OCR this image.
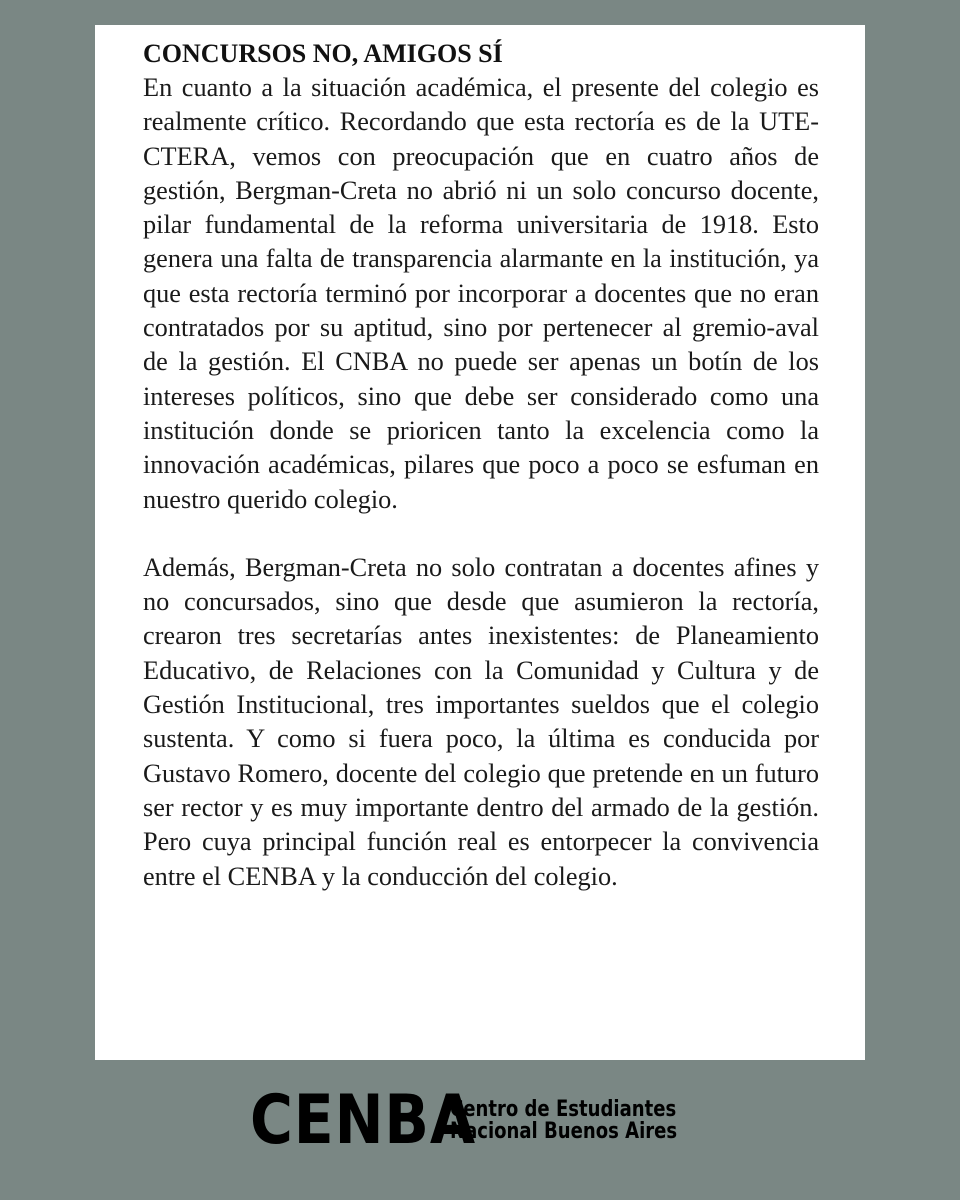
CONCURSOS NO, AMIGOS SÍ

En cuanto a la situación académica, el presente del colegio es realmente crítico. Recordando que esta rectoría es de la UTE-CTERA, vemos con preocupación que en cuatro años de gestión, Bergman-Creta no abrió ni un solo concurso docente, pilar fundamental de la reforma universitaria de 1918. Esto genera una falta de transparencia alarmante en la institución, ya que esta rectoría terminó por incorporar a docentes que no eran contratados por su aptitud, sino por pertenecer al gremio-aval de la gestión. El CNBA no puede ser apenas un botín de los intereses políticos, sino que debe ser considerado como una institución donde se prioricen tanto la excelencia como la innovación académicas, pilares que poco a poco se esfuman en nuestro querido colegio.

Además, Bergman-Creta no solo contratan a docentes afines y no concursados, sino que desde que asumieron la rectoría, crearon tres secretarías antes inexistentes: de Planeamiento Educativo, de Relaciones con la Comunidad y Cultura y de Gestión Institucional, tres importantes sueldos que el colegio sustenta. Y como si fuera poco, la última es conducida por Gustavo Romero, docente del colegio que pretende en un futuro ser rector y es muy importante dentro del armado de la gestión. Pero cuya principal función real es entorpecer la convivencia entre el CENBA y la conducción del colegio.

CENBA
Centro de Estudiantes
Nacional Buenos Aires
